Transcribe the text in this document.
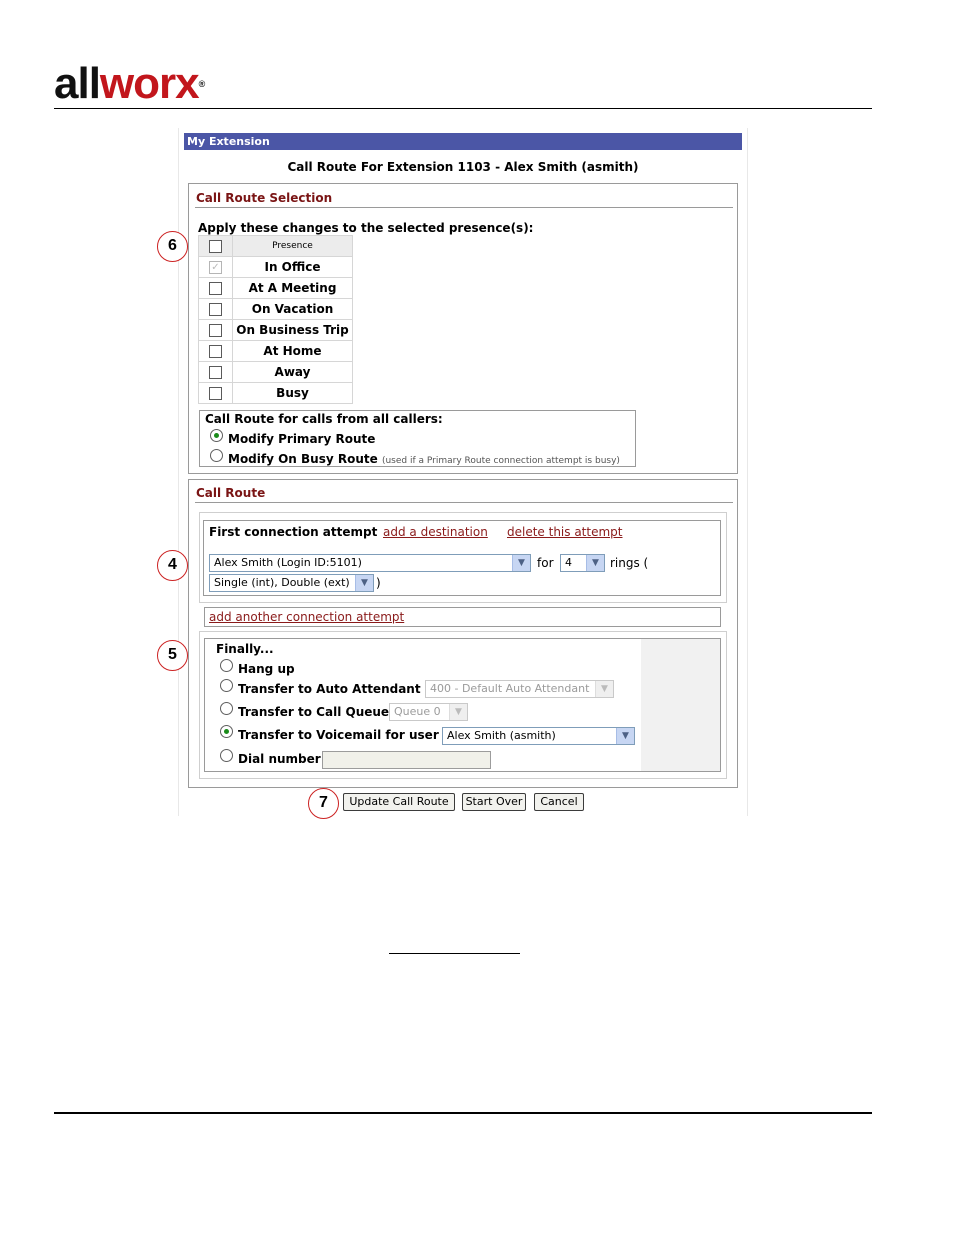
allworx®
My Extension
Call Route For Extension 1103 - Alex Smith (asmith)
Call Route Selection
Apply these changes to the selected presence(s):
	Presence
✓	In Office
	At A Meeting
	On Vacation
	On Business Trip
	At Home
	Away
	Busy
Call Route for calls from all callers:
Modify Primary Route
Modify On Busy Route (used if a Primary Route connection attempt is busy)
Call Route
First connection attempt add a destination delete this attempt
Alex Smith (Login ID:5101)	▼	for	4	▼ rings (
Single (int), Double (ext)	▼ )
add another connection attempt
Finally...
Hang up
Transfer to Auto Attendant 400 - Default Auto Attendant	▼
Transfer to Call Queue Queue 0	▼
Transfer to Voicemail for user Alex Smith (asmith)	▼
Dial number
Update Call Route	Start Over	Cancel
6
4
5
7
